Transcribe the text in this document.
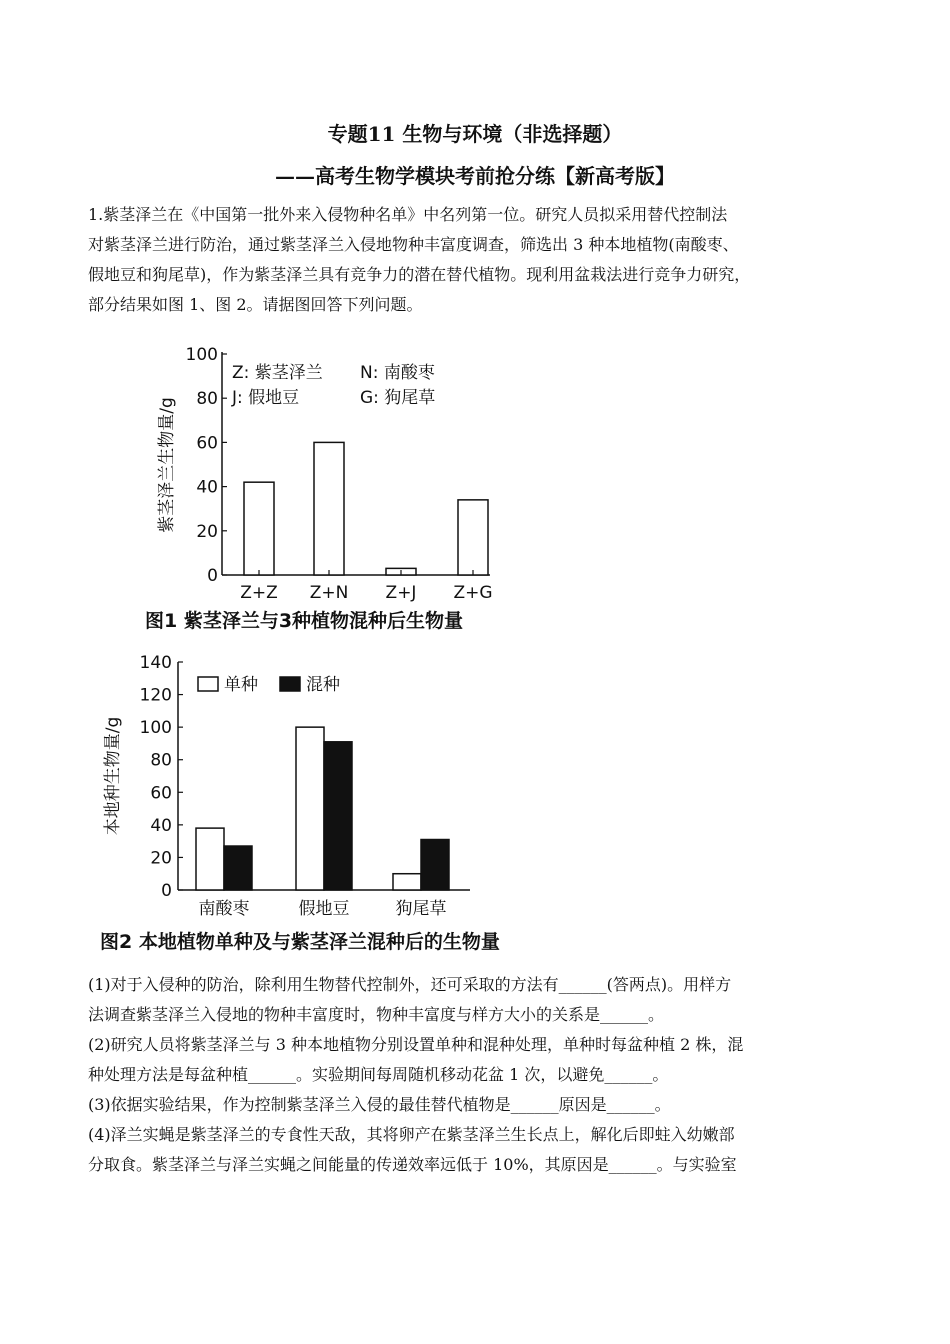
专题11 生物与环境（非选择题）
——高考生物学模块考前抢分练【新高考版】
1.紫茎泽兰在《中国第一批外来入侵物种名单》中名列第一位。研究人员拟采用替代控制法
对紫茎泽兰进行防治，通过紫茎泽兰入侵地物种丰富度调查，筛选出 3 种本地植物(南酸枣、
假地豆和狗尾草)，作为紫茎泽兰具有竞争力的潜在替代植物。现利用盆栽法进行竞争力研究，
部分结果如图 1、图 2。请据图回答下列问题。
0
20
40
60
80
100
Z+Z Z+N Z+J Z+G
紫茎泽兰生物量/g
Z: 紫茎泽兰 N: 南酸枣
J: 假地豆	G: 狗尾草
图1 紫茎泽兰与3种植物混种后生物量
0
20
40
60
80
100
120
140
南酸枣	假地豆	狗尾草
本地种生物量/g
单种	混种
图2 本地植物单种及与紫茎泽兰混种后的生物量
(1)对于入侵种的防治，除利用生物替代控制外，还可采取的方法有______(答两点)。用样方
法调查紫茎泽兰入侵地的物种丰富度时，物种丰富度与样方大小的关系是______。
(2)研究人员将紫茎泽兰与 3 种本地植物分别设置单种和混种处理，单种时每盆种植 2 株，混
种处理方法是每盆种植______。实验期间每周随机移动花盆 1 次，以避免______。
(3)依据实验结果，作为控制紫茎泽兰入侵的最佳替代植物是______原因是______。
(4)泽兰实蝇是紫茎泽兰的专食性天敌，其将卵产在紫茎泽兰生长点上，解化后即蛀入幼嫩部
分取食。紫茎泽兰与泽兰实蝇之间能量的传递效率远低于 10%，其原因是______。与实验室
